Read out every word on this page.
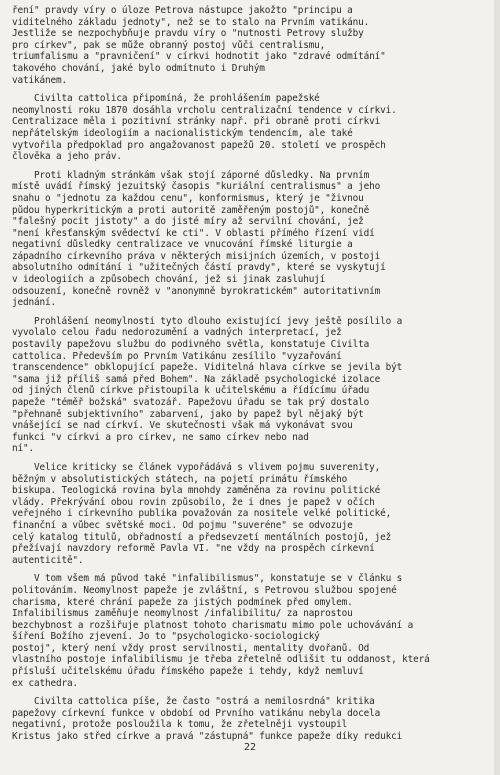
ření" pravdy víry o úloze Petrova nástupce jakožto "principu a
viditelného základu jednoty", než se to stalo na Prvním vatikánu.
Jestliže se nezpochybňuje pravdu víry o "nutnosti Petrovy služby
pro církev", pak se může obranný postoj vůči centralismu,
triumfalismu a "pravničení" v církvi hodnotit jako "zdravé odmítání"
takového chování, jaké bylo odmítnuto i Druhým
vatikánem.
Civilta cattolica připomíná, že prohlášením papežské
neomylnosti roku 1870 dosáhla vrcholu centralizační tendence v církvi.
Centralizace měla i pozitivní stránky např. při obraně proti církvi
nepřátelským ideologiím a nacionalistickým tendencím, ale také
vytvořila předpoklad pro angažovanost papežů 20. století ve prospěch
člověka a jeho práv.
Proti kladným stránkám však stojí záporné důsledky. Na prvním
místě uvádí římský jezuitský časopis "kuriální centralismus" a jeho
snahu o "jednotu za každou cenu", konformismus, který je "živnou
půdou hyperkritickým a proti autoritě zaměřeným postojů", konečně
"falešný pocit jistoty" a do jisté míry až servilní chování, jež
"není křesťanským svědectví ke cti". V oblasti přímého řízení vidí
negativní důsledky centralizace ve vnucování římské liturgie a
západního církevního práva v některých misijních územích, v postoji
absolutního odmítání i "užitečných částí pravdy", které se vyskytují
v ideologiích a způsobech chování, jež si jinak zasluhují
odsouzení, konečně rovněž v "anonymně byrokratickém" autoritativním
jednání.
Prohlášení neomylnosti tyto dlouho existující jevy ještě posílilo a
vyvolalo celou řadu nedorozumění a vadných interpretací, jež
postavily papežovu službu do podivného světla, konstatuje Civilta
cattolica. Především po Prvním Vatikánu zesílilo "vyzařování
transcendence" obklopující papeže. Viditelná hlava církve se jevila být
"sama již příliš samá před Bohem". Na základě psychologické izolace
od jiných členů církve přistoupila k učitelskému a řídícímu úřadu
papeže "téměř božská" svatozář. Papežovu úřadu se tak prý dostalo
"přehnaně subjektivního" zabarvení, jako by papež byl nějaký být
vnášející se nad církví. Ve skutečnosti však má vykonávat svou
funkci "v církvi a pro církev, ne samo církev nebo nad
ní".
Velice kriticky se článek vypořádává s vlivem pojmu suverenity,
běžným v absolutistických státech, na pojetí primátu římského
biskupa. Teologická rovina byla mnohdy zaměněna za rovinu politické
vlády. Překrývání obou rovin způsobilo, že i dnes je papež v očích
veřejného i církevního publika považován za nositele velké politické,
finanční a vůbec světské moci. Od pojmu "suveréne" se odvozuje
celý katalog titulů, obřadností a předsevzetí mentálních postojů, jež
přežívají navzdory reformě Pavla VI. "ne vždy na prospěch církevní
autenticitě".
V tom všem má původ také "infalibilismus", konstatuje se v článku s
politováním. Neomylnost papeže je zvláštní, s Petrovou službou spojené
charisma, které chrání papeže za jistých podmínek před omylem.
Infalibilismus zaměňuje neomylnost /infalibilitu/ za naprostou
bezchybnost a rozšiřuje platnost tohoto charismatu mimo pole uchovávání a
šíření Božího zjevení. Jo to "psychologicko-sociologický
postoj", který není vždy prost servilnosti, mentality dvořanů. Od
vlastního postoje infalibilismu je třeba zřetelně odlišit tu oddanost, která
přísluší učitelskému úřadu římského papeže i tehdy, když nemluví
ex cathedra.
Civilta cattolica píše, že často "ostrá a nemilosrdná" kritika
papežovy církevní funkce v období od Prvního vatikánu nebyla docela
negativní, protože posloužila k tomu, že zřetelněji vystoupil
Kristus jako střed církve a pravá "zástupná" funkce papeže díky redukci
22
